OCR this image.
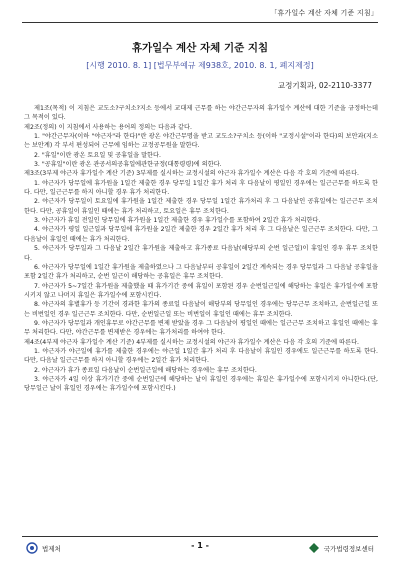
「휴가일수 계산 자체 기준 지침」
휴가일수 계산 자체 기준 지침
[시행 2010. 8. 1] [법무부예규 제938호, 2010. 8. 1, 폐지제정]
교정기획과, 02-2110-3377

제1조(목적) 이 지침은 교도소?구치소?지소 등에서 교대제 근무를 하는 야간근무자의 휴가일수 계산에 대한 기준을 규정하는데 그 목적이 있다.

제2조(정의) 이 지침에서 사용하는 용어의 정의는 다음과 같다.

1. "야간근무자(이하 "야근자"라 한다)"란 광온 야간근무명을 받고 교도소?구치소 등(이하 "교정시설"이라 한다)의 보안과(지소는 보안계) 각 부서 편성되어 근무에 임하는 교정공무원을 말한다.

2. "휴일"이란 광온 토요일 및 공휴일을 말한다.

3. "공휴일"이란 광온 관공서의공휴일에관한규정(대통령령)에 의한다.

제3조(3부제 야근자 휴가일수 계산 기준) 3부제를 실시하는 교정시설의 야근자 휴가일수 계산은 다음 각 호의 기준에 따른다.

1. 야근자가 당무일에 휴가원을 1일간 제출한 경우 당무일 1일간 휴가 처리 후 다음날이 평일인 경우에는 일근근무를 하도록 한다. 다만, 일근근무를 하지 아니할 경우 휴가 처리한다.

2. 야근자가 당무일이 토요일에 휴가원을 1일간 제출한 경우 당무일 1일간 휴가처리 후 그 다음날인 공휴일에는 일근근무 조치한다. 다만, 공휴일이 휴일인 때에는 휴가 처리하고, 토요일은 휴무 조치한다.

3. 야근자가 휴일 전일인 당무일에 휴가원을 1일간 제출한 경우 휴가일수를 포함하여 2일간 휴가 처리한다.

4. 야근자가 평일 일근일과 당무일에 휴가원을 2일간 제출한 경우 2일간 휴가 처리 후 그 다음날은 일근근무 조치한다. 다만, 그 다음날이 휴일인 때에는 휴가 처리한다.

5. 야근자가 당무일과 그 다음날 2일간 휴가원을 제출하고 휴가종료 다음날(해당부의 순번 일근일)이 휴일인 경우 휴무 조치한다.

6. 야근자가 당무일에 1일간 휴가원을 제출하였으나 그 다음날부터 공휴일이 2일간 계속되는 경우 당무일과 그 다음날 공휴일을 포함 2일간 휴가 처리하고, 순번 일근이 해당하는 공휴일은 휴무 조치한다.

7. 야근자가 5~7일간 휴가원을 제출했을 때 휴가기간 중에 휴일이 포함된 경우 순번일근일에 해당하는 휴일은 휴가일수에 포함시키지 않고 나머지 휴일은 휴가일수에 포함시킨다.

8. 야근자의 휴별휴가 등 기간이 경과한 휴가의 종료일 다음날이 해당부의 당무일인 경우에는 당무근무 조치하고, 순번일근일 또는 비번일인 경우 일근근무 조치한다. 다만, 순번일근일 또는 비번일이 휴일인 때에는 휴무 조치한다.

9. 야근자가 당무일과 개인휴무로 야간근무를 변제 받았을 경우 그 다음날이 평일인 때에는 일근근무 조치하고 휴일인 때에는 휴무 처리한다. 다만, 야간근무를 변제받은 경우에는 휴가처리를 하여야 한다.

제4조(4부제 야근자 휴가일수 계산 기준) 4부제를 실시하는 교정시설의 야근자 휴가일수 계산은 다음 각 호의 기준에 따른다.

1. 야근자가 야근일에 휴가를 제출한 경우에는 야근일 1일간 휴가 처리 후 다음날이 휴일인 경우에도 일근근무를 하도록 한다. 다만, 다음날 일근근무를 하지 아니할 경우에는 2일간 휴가 처리한다.

2. 야근자가 휴가 종료일 다음날이 순번일근일에 해당하는 경우에는 휴무 조치한다.

3. 야근자가 4일 이상 휴가기간 중에 순번일근에 해당하는 날이 휴일인 경우에는 휴일은 휴가일수에 포함시키지 아니한다.(단, 당무일근 날이 휴일인 경우에는 휴가일수에 포함시킨다.)

법제처	- 1 -	국가법령정보센터
